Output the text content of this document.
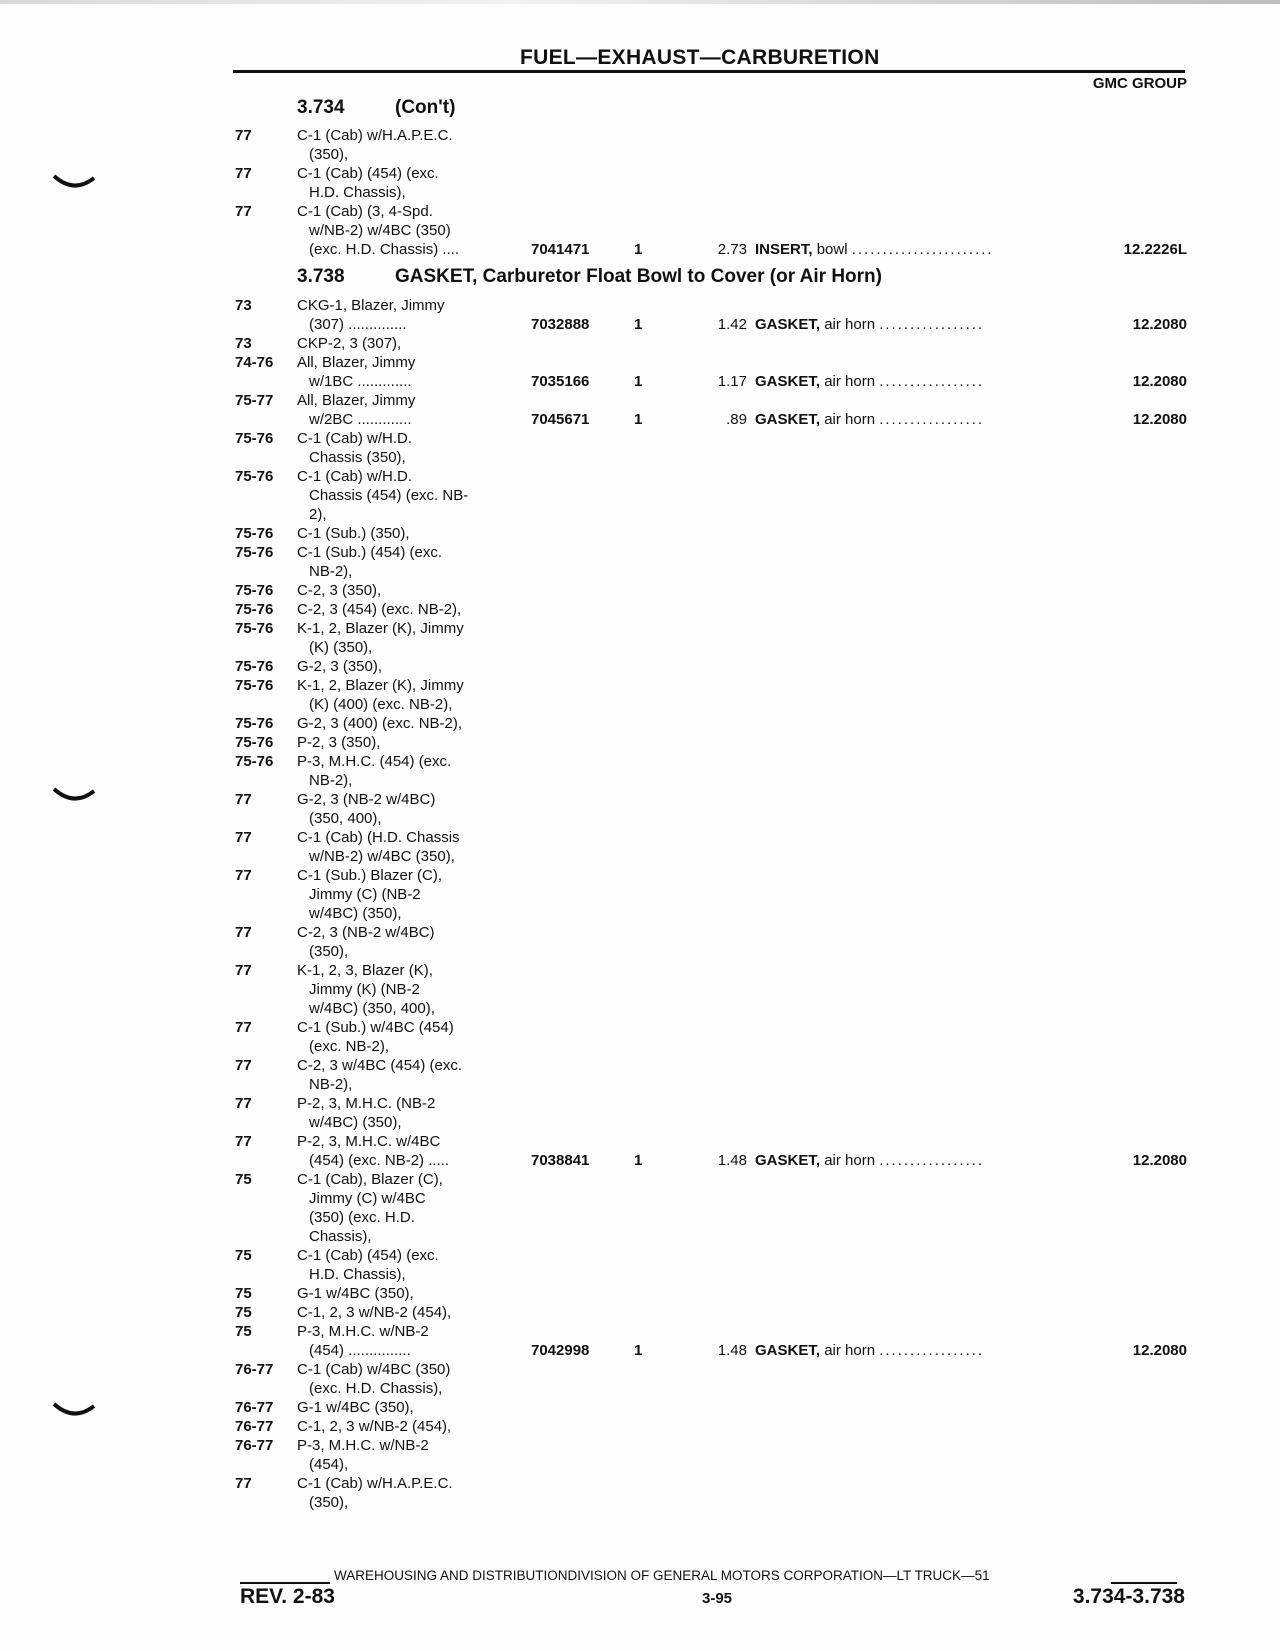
FUEL—EXHAUST—CARBURETION
GMC GROUP
3.734	(Con't)
77	C-1 (Cab) w/H.A.P.E.C.
(350),
77	C-1 (Cab) (454) (exc.
H.D. Chassis),
77	C-1 (Cab) (3, 4-Spd.
w/NB-2) w/4BC (350)
(exc. H.D. Chassis) ....	7041471	1	2.73 INSERT, bowl .......................	12.2226L
3.738	GASKET, Carburetor Float Bowl to Cover (or Air Horn)
73	CKG-1, Blazer, Jimmy
(307) ..............	7032888	1	1.42 GASKET, air horn .................	12.2080
73	CKP-2, 3 (307),
74-76	All, Blazer, Jimmy
w/1BC .............	7035166	1	1.17 GASKET, air horn .................	12.2080
75-77	All, Blazer, Jimmy
w/2BC .............	7045671	1	.89 GASKET, air horn .................	12.2080
75-76	C-1 (Cab) w/H.D.
Chassis (350),
75-76	C-1 (Cab) w/H.D.
Chassis (454) (exc. NB-
2),
75-76	C-1 (Sub.) (350),
75-76	C-1 (Sub.) (454) (exc.
NB-2),
75-76	C-2, 3 (350),
75-76	C-2, 3 (454) (exc. NB-2),
75-76	K-1, 2, Blazer (K), Jimmy
(K) (350),
75-76	G-2, 3 (350),
75-76	K-1, 2, Blazer (K), Jimmy
(K) (400) (exc. NB-2),
75-76	G-2, 3 (400) (exc. NB-2),
75-76	P-2, 3 (350),
75-76	P-3, M.H.C. (454) (exc.
NB-2),
77	G-2, 3 (NB-2 w/4BC)
(350, 400),
77	C-1 (Cab) (H.D. Chassis
w/NB-2) w/4BC (350),
77	C-1 (Sub.) Blazer (C),
Jimmy (C) (NB-2
w/4BC) (350),
77	C-2, 3 (NB-2 w/4BC)
(350),
77	K-1, 2, 3, Blazer (K),
Jimmy (K) (NB-2
w/4BC) (350, 400),
77	C-1 (Sub.) w/4BC (454)
(exc. NB-2),
77	C-2, 3 w/4BC (454) (exc.
NB-2),
77	P-2, 3, M.H.C. (NB-2
w/4BC) (350),
77	P-2, 3, M.H.C. w/4BC
(454) (exc. NB-2) .....	7038841	1	1.48 GASKET, air horn .................	12.2080
75	C-1 (Cab), Blazer (C),
Jimmy (C) w/4BC
(350) (exc. H.D.
Chassis),
75	C-1 (Cab) (454) (exc.
H.D. Chassis),
75	G-1 w/4BC (350),
75	C-1, 2, 3 w/NB-2 (454),
75	P-3, M.H.C. w/NB-2
(454) ...............	7042998	1	1.48 GASKET, air horn .................	12.2080
76-77	C-1 (Cab) w/4BC (350)
(exc. H.D. Chassis),
76-77	G-1 w/4BC (350),
76-77	C-1, 2, 3 w/NB-2 (454),
76-77	P-3, M.H.C. w/NB-2
(454),
77	C-1 (Cab) w/H.A.P.E.C.
(350),
WAREHOUSING AND DISTRIBUTIONDIVISION OF GENERAL MOTORS CORPORATION—LT TRUCK—51
REV. 2-83	3-95	3.734-3.738
